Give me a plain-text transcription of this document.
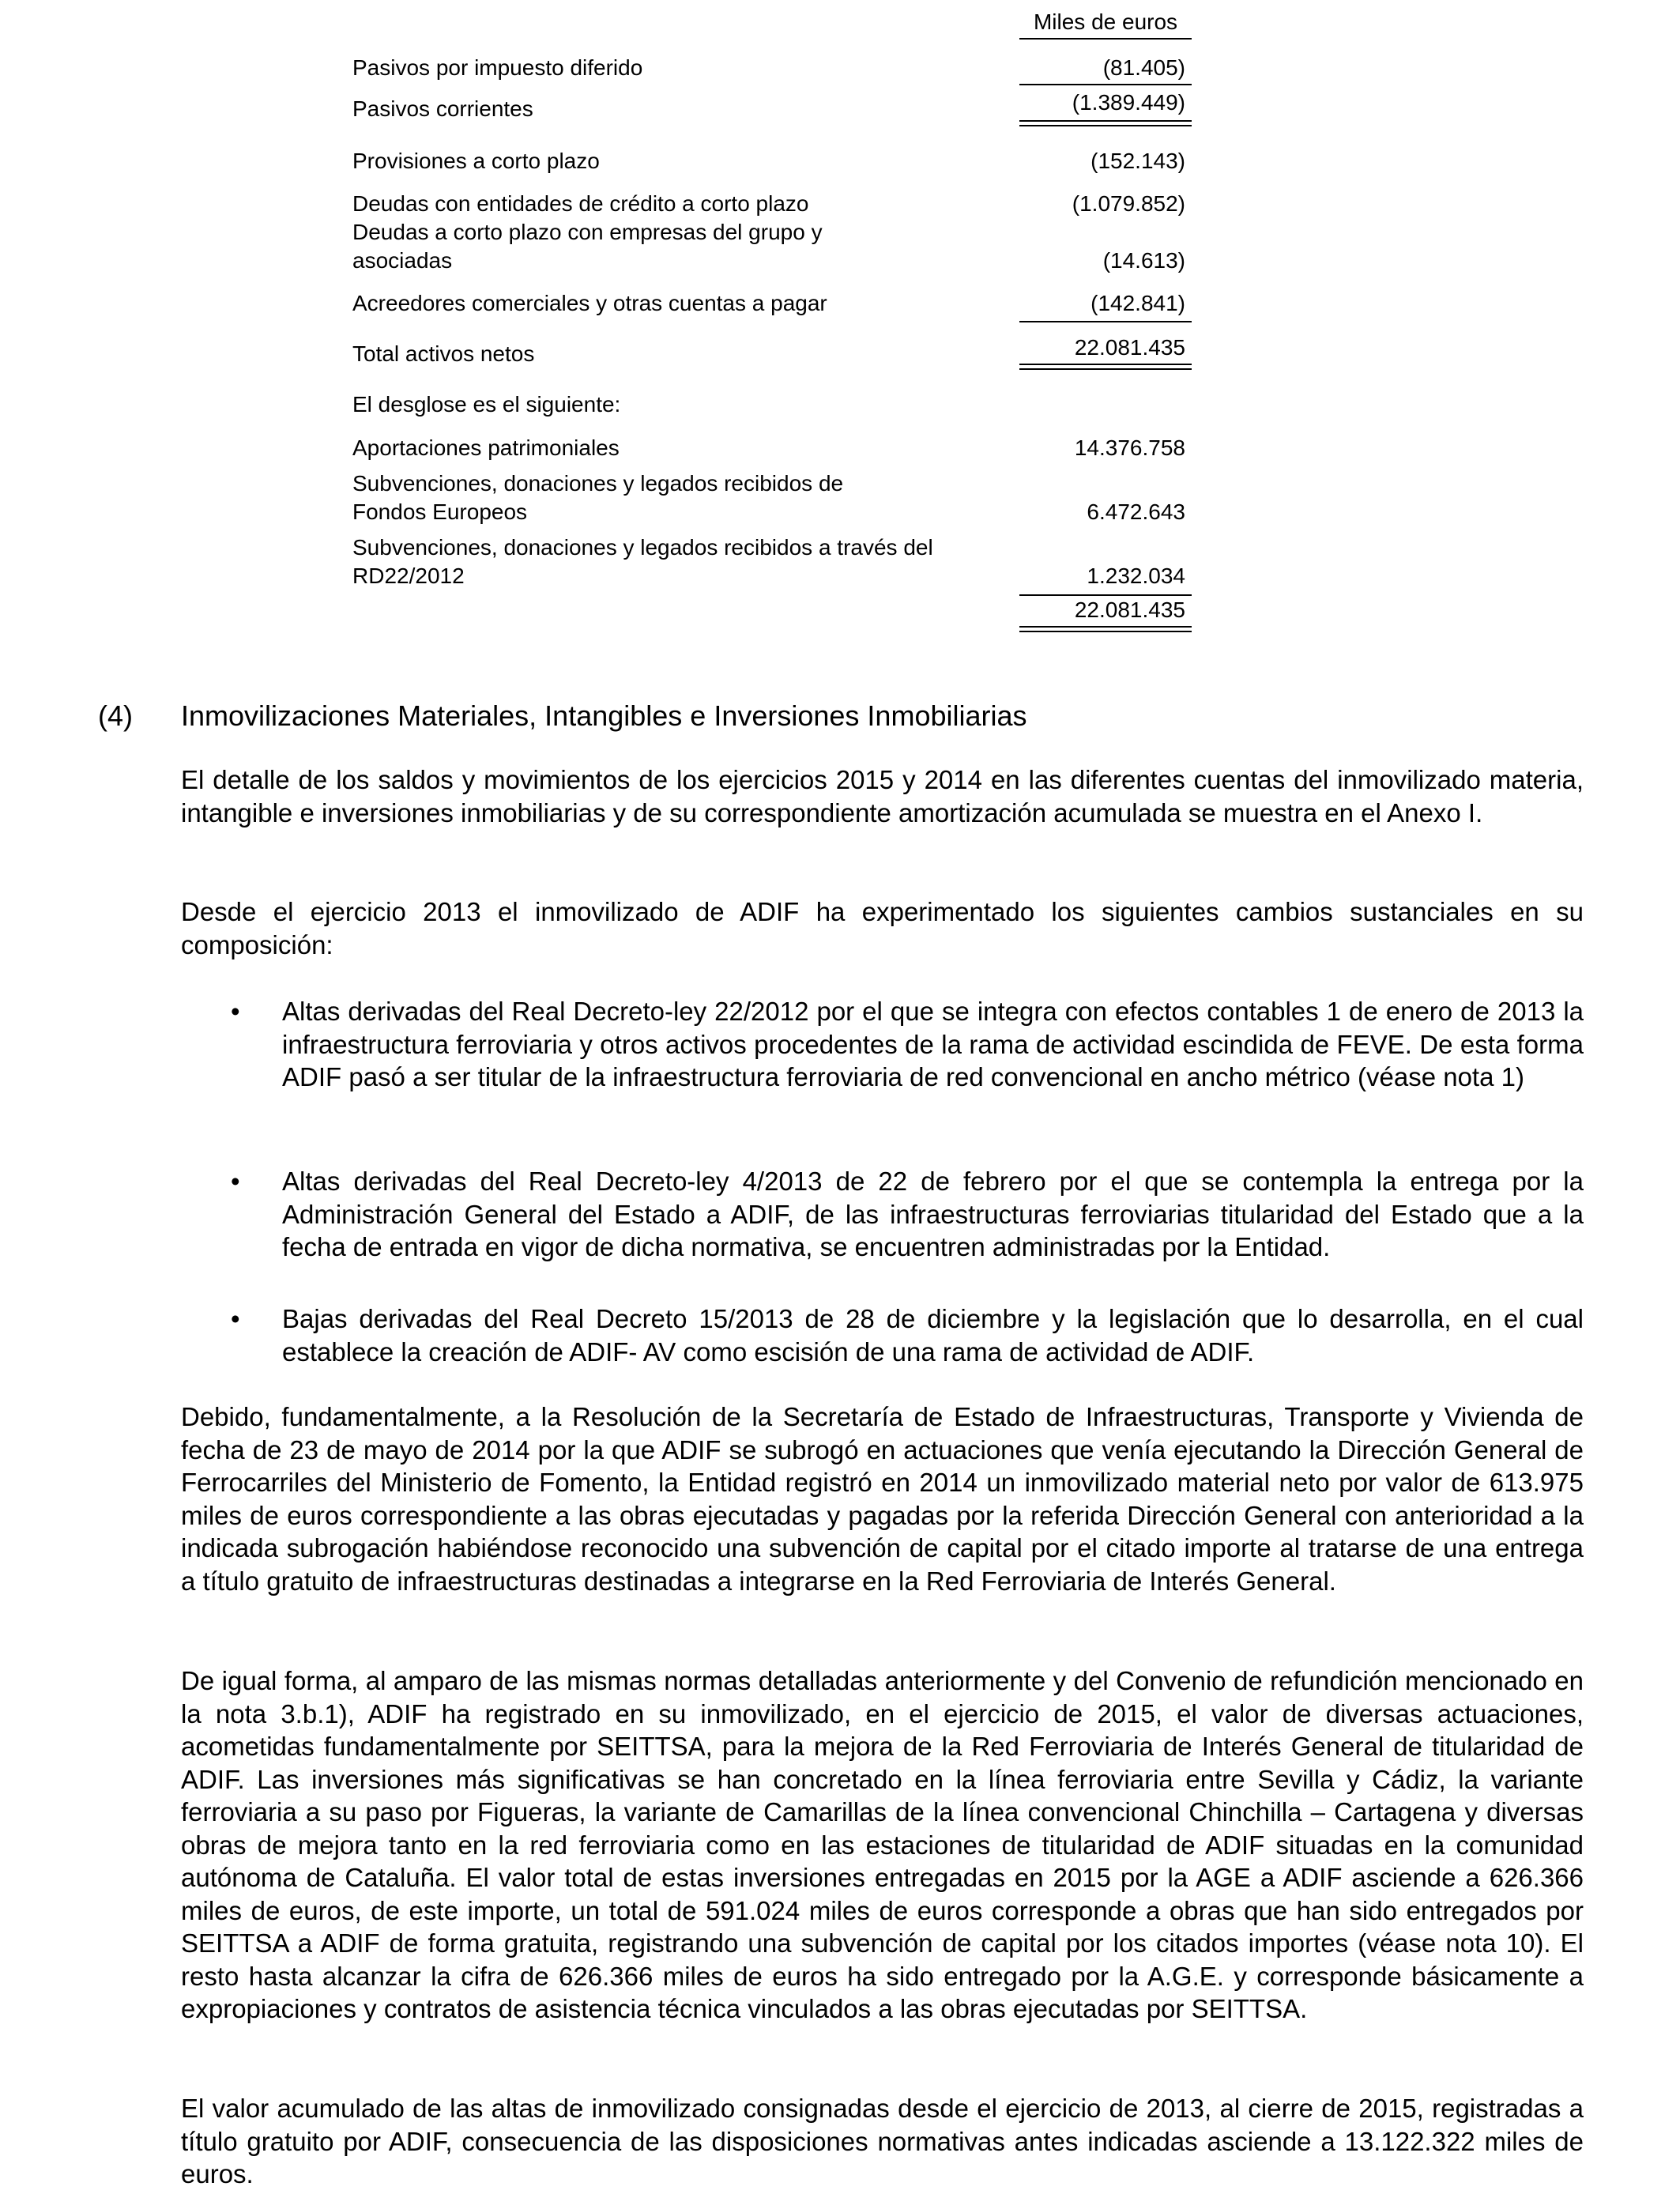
Miles de euros
Pasivos por impuesto diferido	(81.405)
Pasivos corrientes	(1.389.449)
Provisiones a corto plazo	(152.143)
Deudas con entidades de crédito a corto plazo	(1.079.852)
Deudas a corto plazo con empresas del grupo y asociadas	(14.613)
Acreedores comerciales y otras cuentas a pagar	(142.841)
Total activos netos	22.081.435
El desglose es el siguiente:
Aportaciones patrimoniales	14.376.758
Subvenciones, donaciones y legados recibidos de Fondos Europeos	6.472.643
Subvenciones, donaciones y legados recibidos a través del RD22/2012	1.232.034
22.081.435
(4) Inmovilizaciones Materiales, Intangibles e Inversiones Inmobiliarias

El detalle de los saldos y movimientos de los ejercicios 2015 y 2014 en las diferentes cuentas del inmovilizado materia, intangible e inversiones inmobiliarias y de su correspondiente amortización acumulada se muestra en el Anexo I.

Desde el ejercicio 2013 el inmovilizado de ADIF ha experimentado los siguientes cambios sustanciales en su composición:

• Altas derivadas del Real Decreto-ley 22/2012 por el que se integra con efectos contables 1 de enero de 2013 la infraestructura ferroviaria y otros activos procedentes de la rama de actividad escindida de FEVE. De esta forma ADIF pasó a ser titular de la infraestructura ferroviaria de red convencional en ancho métrico (véase nota 1)

• Altas derivadas del Real Decreto-ley 4/2013 de 22 de febrero por el que se contempla la entrega por la Administración General del Estado a ADIF, de las infraestructuras ferroviarias titularidad del Estado que a la fecha de entrada en vigor de dicha normativa, se encuentren administradas por la Entidad.

• Bajas derivadas del Real Decreto 15/2013 de 28 de diciembre y la legislación que lo desarrolla, en el cual establece la creación de ADIF- AV como escisión de una rama de actividad de ADIF.

Debido, fundamentalmente, a la Resolución de la Secretaría de Estado de Infraestructuras, Transporte y Vivienda de fecha de 23 de mayo de 2014 por la que ADIF se subrogó en actuaciones que venía ejecutando la Dirección General de Ferrocarriles del Ministerio de Fomento, la Entidad registró en 2014 un inmovilizado material neto por valor de 613.975 miles de euros correspondiente a las obras ejecutadas y pagadas por la referida Dirección General con anterioridad a la indicada subrogación habiéndose reconocido una subvención de capital por el citado importe al tratarse de una entrega a título gratuito de infraestructuras destinadas a integrarse en la Red Ferroviaria de Interés General.

De igual forma, al amparo de las mismas normas detalladas anteriormente y del Convenio de refundición mencionado en la nota 3.b.1), ADIF ha registrado en su inmovilizado, en el ejercicio de 2015, el valor de diversas actuaciones, acometidas fundamentalmente por SEITTSA, para la mejora de la Red Ferroviaria de Interés General de titularidad de ADIF. Las inversiones más significativas se han concretado en la línea ferroviaria entre Sevilla y Cádiz, la variante ferroviaria a su paso por Figueras, la variante de Camarillas de la línea convencional Chinchilla – Cartagena y diversas obras de mejora tanto en la red ferroviaria como en las estaciones de titularidad de ADIF situadas en la comunidad autónoma de Cataluña. El valor total de estas inversiones entregadas en 2015 por la AGE a ADIF asciende a 626.366 miles de euros, de este importe, un total de 591.024 miles de euros corresponde a obras que han sido entregados por SEITTSA a ADIF de forma gratuita, registrando una subvención de capital por los citados importes (véase nota 10). El resto hasta alcanzar la cifra de 626.366 miles de euros ha sido entregado por la A.G.E. y corresponde básicamente a expropiaciones y contratos de asistencia técnica vinculados a las obras ejecutadas por SEITTSA.

El valor acumulado de las altas de inmovilizado consignadas desde el ejercicio de 2013, al cierre de 2015, registradas a título gratuito por ADIF, consecuencia de las disposiciones normativas antes indicadas asciende a 13.122.322 miles de euros.
